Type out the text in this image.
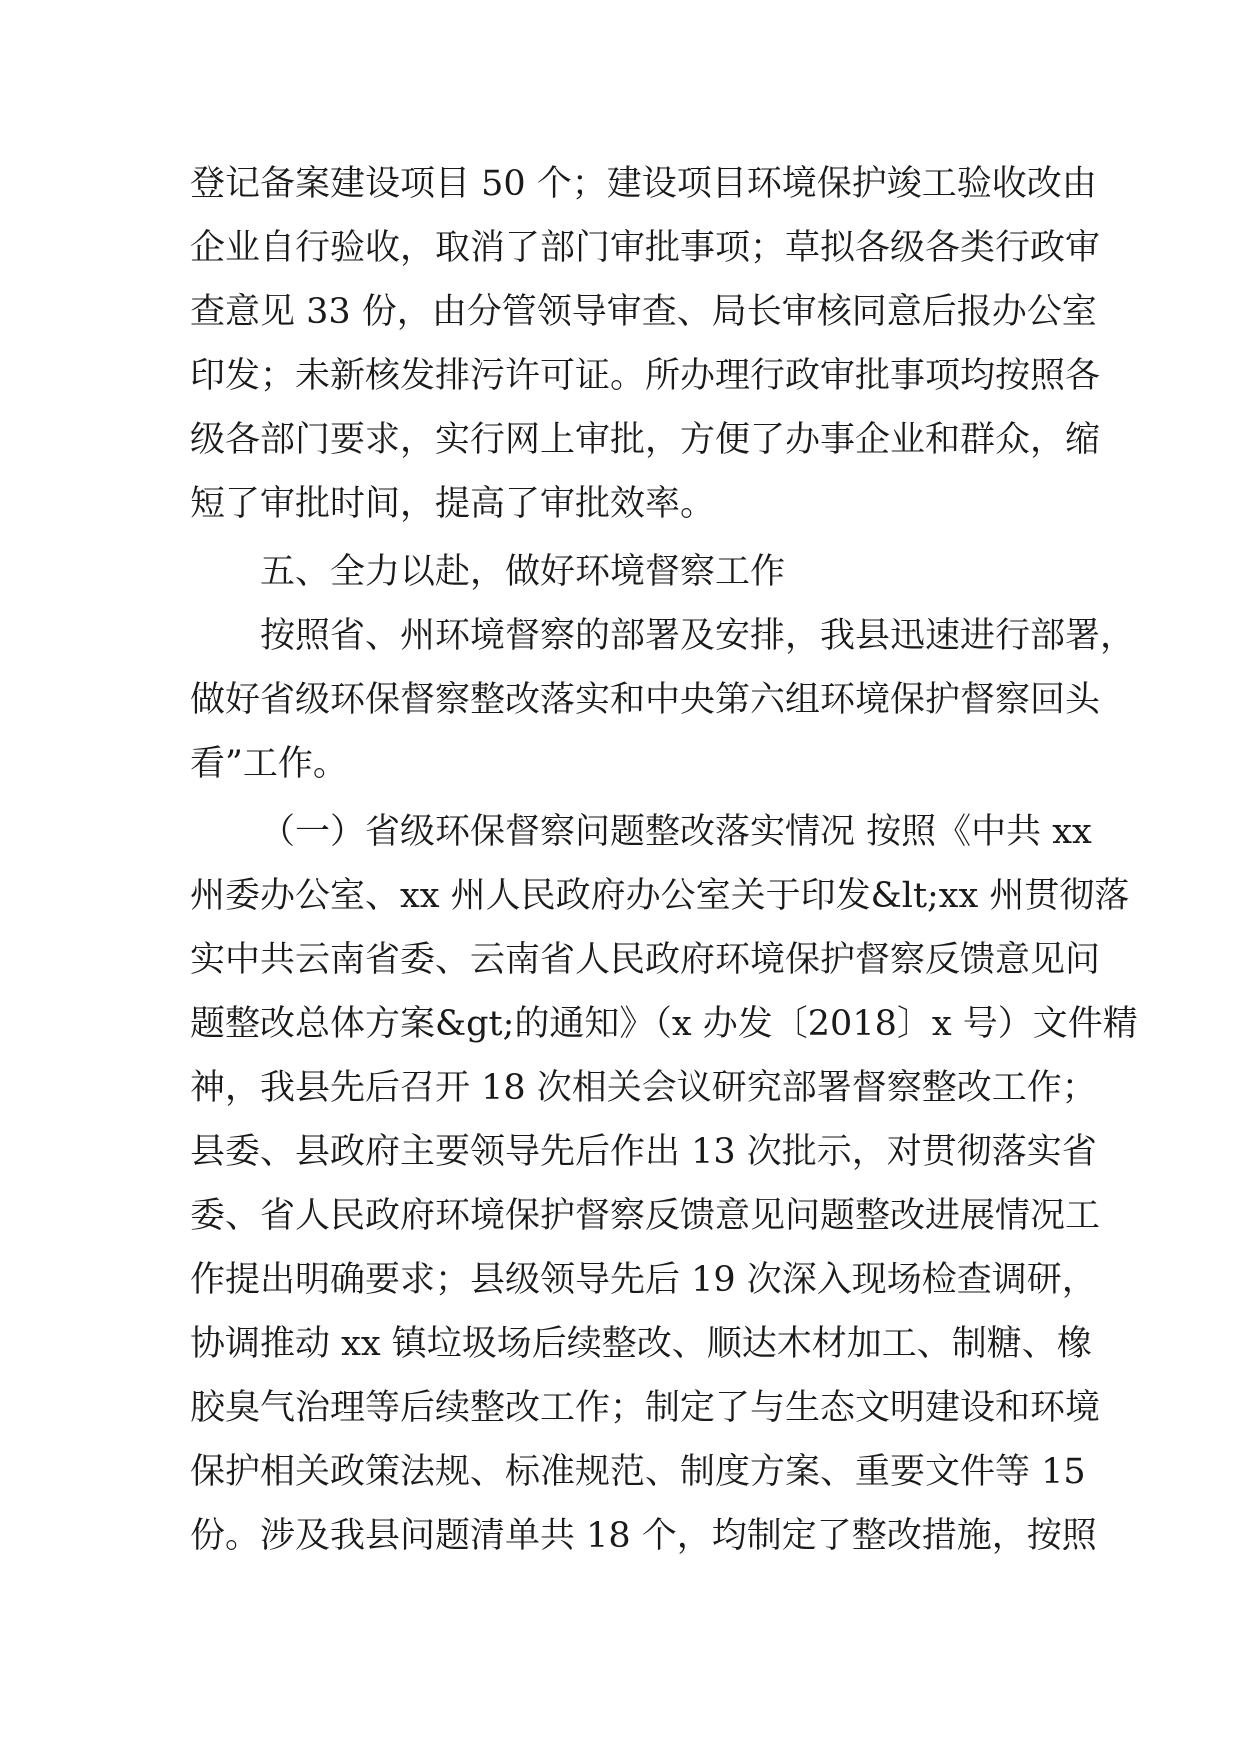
登记备案建设项目 50 个；建设项目环境保护竣工验收改由
企业自行验收，取消了部门审批事项；草拟各级各类行政审
查意见 33 份，由分管领导审查、局长审核同意后报办公室
印发；未新核发排污许可证。所办理行政审批事项均按照各
级各部门要求，实行网上审批，方便了办事企业和群众，缩
短了审批时间，提高了审批效率。
五、全力以赴，做好环境督察工作
按照省、州环境督察的部署及安排，我县迅速进行部署，
做好省级环保督察整改落实和中央第六组环境保护督察回头
看”工作。
（一）省级环保督察问题整改落实情况 按照《中共 xx
州委办公室、xx 州人民政府办公室关于印发&lt;xx 州贯彻落
实中共云南省委、云南省人民政府环境保护督察反馈意见问
题整改总体方案&gt;的通知》（x 办发〔2018〕x 号）文件精
神，我县先后召开 18 次相关会议研究部署督察整改工作；
县委、县政府主要领导先后作出 13 次批示，对贯彻落实省
委、省人民政府环境保护督察反馈意见问题整改进展情况工
作提出明确要求；县级领导先后 19 次深入现场检查调研，
协调推动 xx 镇垃圾场后续整改、顺达木材加工、制糖、橡
胶臭气治理等后续整改工作；制定了与生态文明建设和环境
保护相关政策法规、标准规范、制度方案、重要文件等 15
份。涉及我县问题清单共 18 个，均制定了整改措施，按照
